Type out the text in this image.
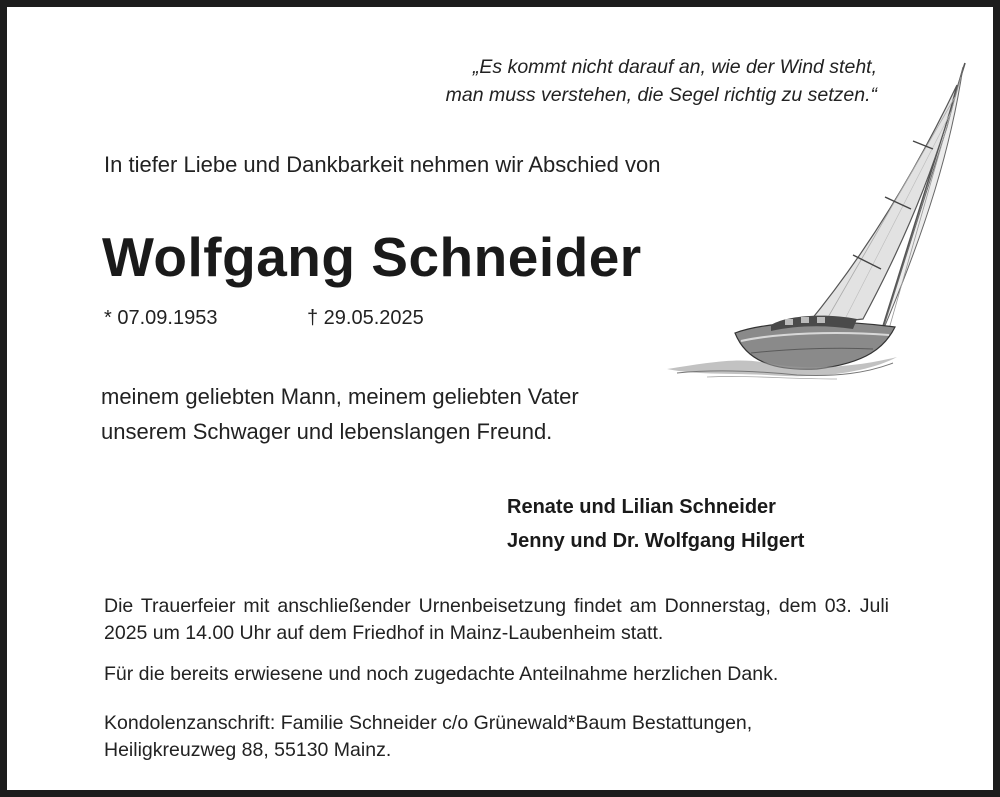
„Es kommt nicht darauf an, wie der Wind steht,
man muss verstehen, die Segel richtig zu setzen.“
In tiefer Liebe und Dankbarkeit nehmen wir Abschied von
Wolfgang Schneider
* 07.09.1953	† 29.05.2025
meinem geliebten Mann, meinem geliebten Vater
unserem Schwager und lebenslangen Freund.
Renate und Lilian Schneider
Jenny und Dr. Wolfgang Hilgert
Die Trauerfeier mit anschließender Urnenbeisetzung findet am Donnerstag, dem 03. Juli 2025 um 14.00 Uhr auf dem Friedhof in Mainz-Laubenheim statt.
Für die bereits erwiesene und noch zugedachte Anteilnahme herzlichen Dank.
Kondolenzanschrift: Familie Schneider c/o Grünewald*Baum Bestattungen,
Heiligkreuzweg 88, 55130 Mainz.
